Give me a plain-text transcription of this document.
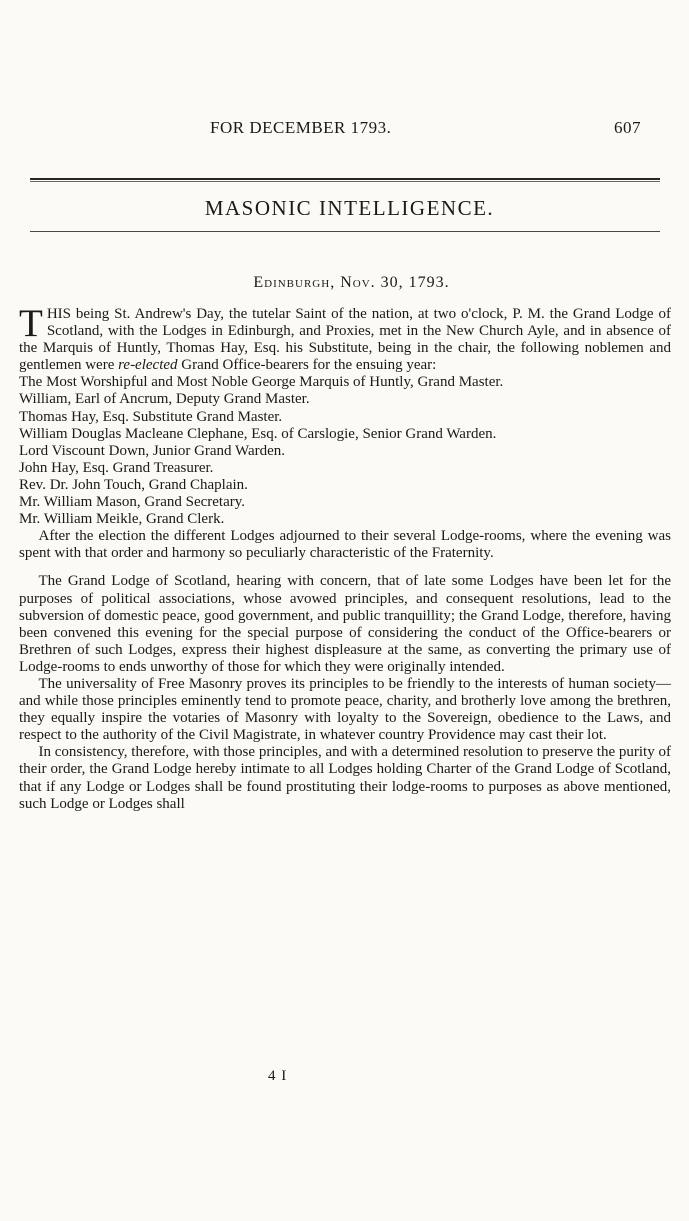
FOR DECEMBER 1793.	607
MASONIC INTELLIGENCE.
Edinburgh, Nov. 30, 1793.

THIS being St. Andrew's Day, the tutelar Saint of the nation, at two o'clock, P. M. the Grand Lodge of Scotland, with the Lodges in Edinburgh, and Proxies, met in the New Church Ayle, and in absence of the Marquis of Huntly, Thomas Hay, Esq. his Substitute, being in the chair, the following noblemen and gentlemen were re-elected Grand Office-bearers for the ensuing year:

The Most Worshipful and Most Noble George Marquis of Huntly, Grand Master.
William, Earl of Ancrum, Deputy Grand Master.
Thomas Hay, Esq. Substitute Grand Master.
William Douglas Macleane Clephane, Esq. of Carslogie, Senior Grand Warden.
Lord Viscount Down, Junior Grand Warden.
John Hay, Esq. Grand Treasurer.
Rev. Dr. John Touch, Grand Chaplain.
Mr. William Mason, Grand Secretary.
Mr. William Meikle, Grand Clerk.

After the election the different Lodges adjourned to their several Lodge-rooms, where the evening was spent with that order and harmony so peculiarly characteristic of the Fraternity.

The Grand Lodge of Scotland, hearing with concern, that of late some Lodges have been let for the purposes of political associations, whose avowed principles, and consequent resolutions, lead to the subversion of domestic peace, good government, and public tranquillity; the Grand Lodge, therefore, having been convened this evening for the special purpose of considering the conduct of the Office-bearers or Brethren of such Lodges, express their highest displeasure at the same, as converting the primary use of Lodge-rooms to ends unworthy of those for which they were originally intended.

The universality of Free Masonry proves its principles to be friendly to the interests of human society—and while those principles eminently tend to promote peace, charity, and brotherly love among the brethren, they equally inspire the votaries of Masonry with loyalty to the Sovereign, obedience to the Laws, and respect to the authority of the Civil Magistrate, in whatever country Providence may cast their lot.

In consistency, therefore, with those principles, and with a determined resolution to preserve the purity of their order, the Grand Lodge hereby intimate to all Lodges holding Charter of the Grand Lodge of Scotland, that if any Lodge or Lodges shall be found prostituting their lodge-rooms to purposes as above mentioned, such Lodge or Lodges shall

4 I
